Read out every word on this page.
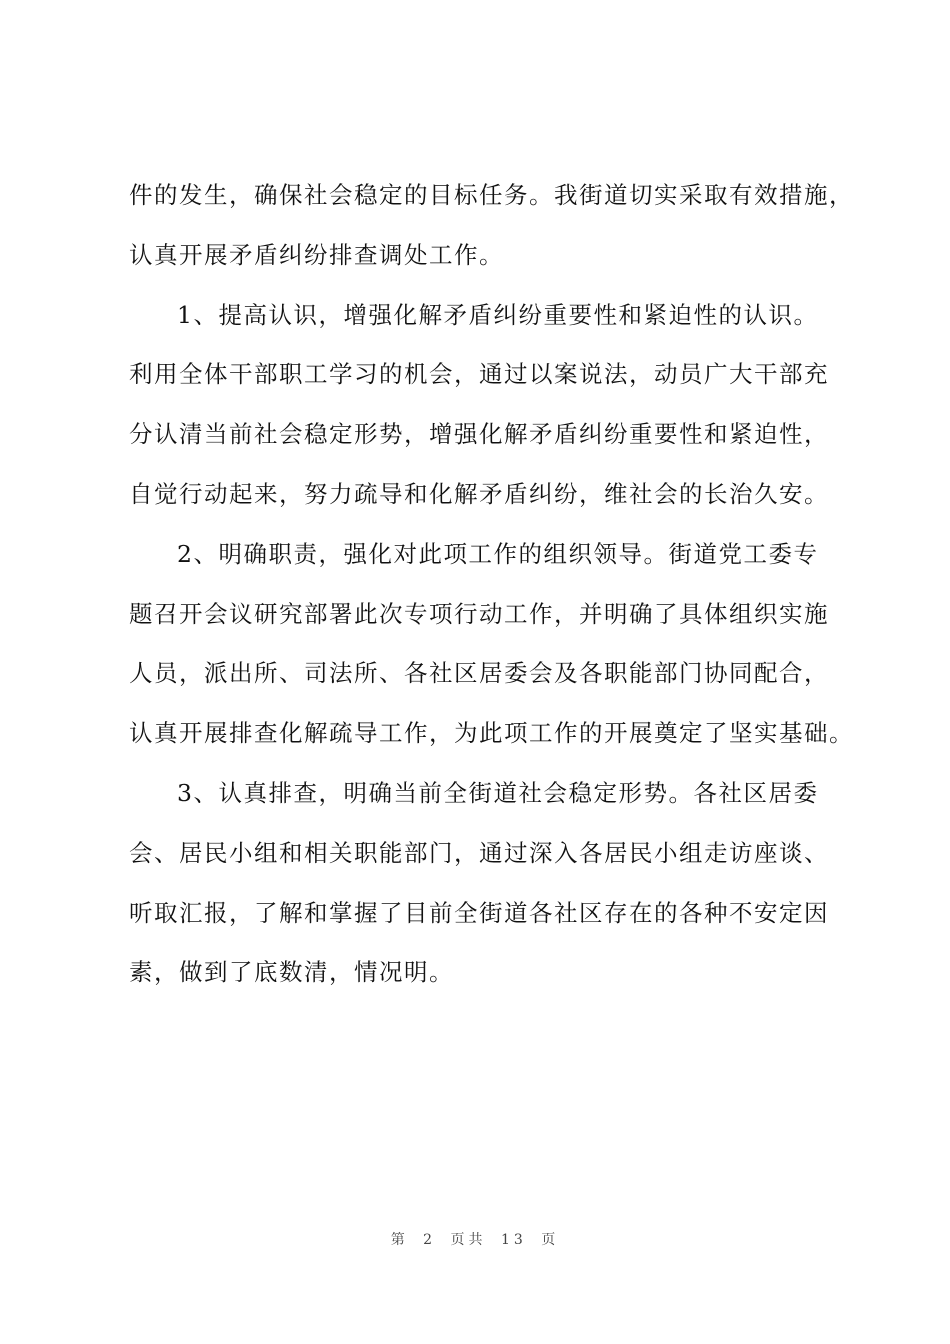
件的发生，确保社会稳定的目标任务。我街道切实采取有效措施，
认真开展矛盾纠纷排查调处工作。
1、提高认识，增强化解矛盾纠纷重要性和紧迫性的认识。
利用全体干部职工学习的机会，通过以案说法，动员广大干部充
分认清当前社会稳定形势，增强化解矛盾纠纷重要性和紧迫性，
自觉行动起来，努力疏导和化解矛盾纠纷，维社会的长治久安。
2、明确职责，强化对此项工作的组织领导。街道党工委专
题召开会议研究部署此次专项行动工作，并明确了具体组织实施
人员，派出所、司法所、各社区居委会及各职能部门协同配合，
认真开展排查化解疏导工作，为此项工作的开展奠定了坚实基础。
3、认真排查，明确当前全街道社会稳定形势。各社区居委
会、居民小组和相关职能部门，通过深入各居民小组走访座谈、
听取汇报，了解和掌握了目前全街道各社区存在的各种不安定因
素，做到了底数清，情况明。
第 2 页共 13 页
